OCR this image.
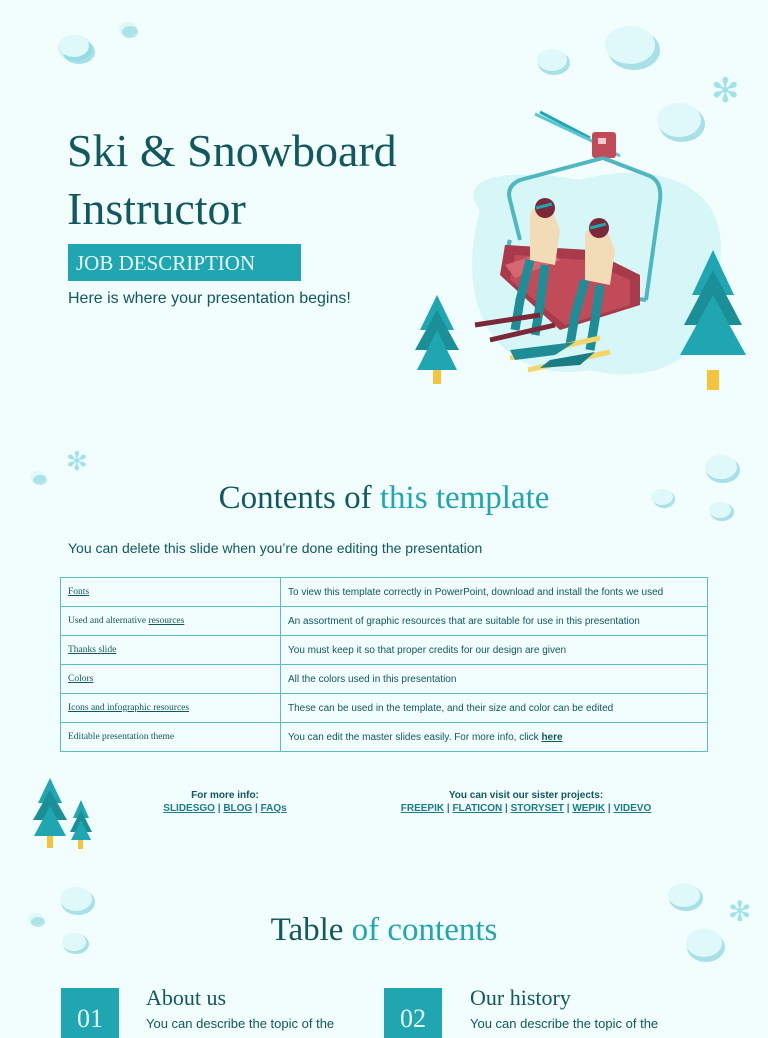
Ski & Snowboard
Instructor
JOB DESCRIPTION
Here is where your presentation begins!
✻
✻
Contents of this template
You can delete this slide when you’re done editing the presentation
Fonts	To view this template correctly in PowerPoint, download and install the fonts we used
Used and alternative resources	An assortment of graphic resources that are suitable for use in this presentation
Thanks slide	You must keep it so that proper credits for our design are given
Colors	All the colors used in this presentation
Icons and infographic resources	These can be used in the template, and their size and color can be edited
Editable presentation theme	You can edit the master slides easily. For more info, click here
For more info:
SLIDESGO | BLOG | FAQs
You can visit our sister projects:
FREEPIK | FLATICON | STORYSET | WEPIK | VIDEVO
✻
Table of contents
01
About us
You can describe the topic of the	02
Our history
You can describe the topic of the
